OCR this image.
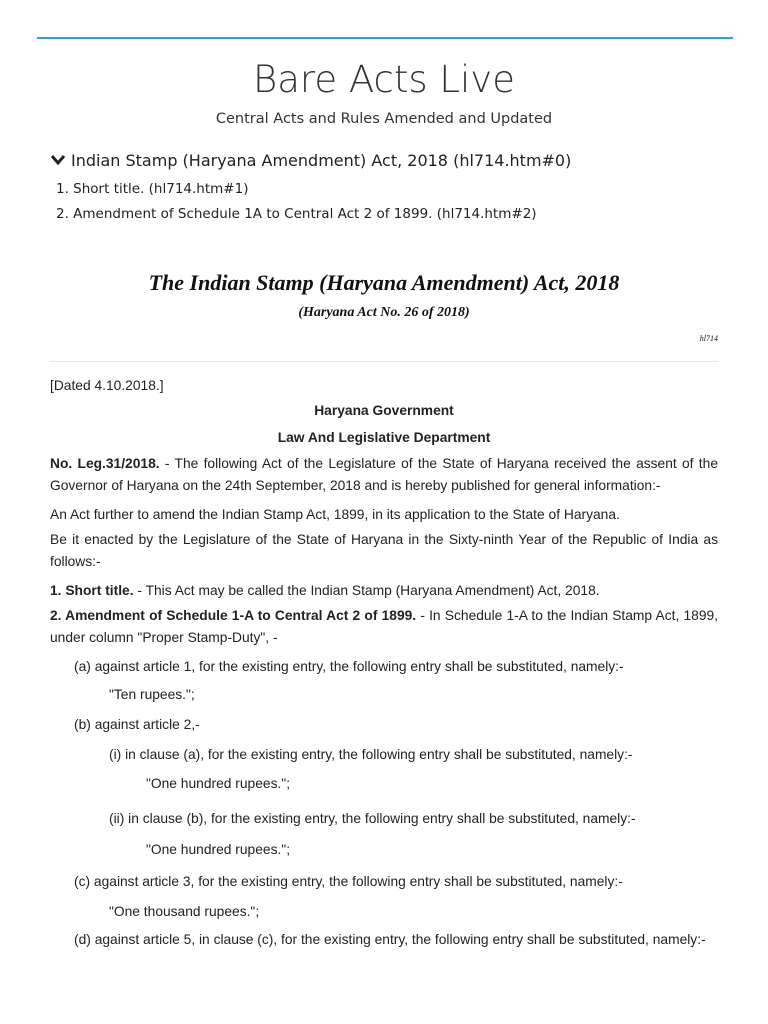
Bare Acts Live
Central Acts and Rules Amended and Updated
Indian Stamp (Haryana Amendment) Act, 2018 (hl714.htm#0)
1. Short title. (hl714.htm#1)
2. Amendment of Schedule 1A to Central Act 2 of 1899. (hl714.htm#2)
The Indian Stamp (Haryana Amendment) Act, 2018
(Haryana Act No. 26 of 2018)
hl714
[Dated 4.10.2018.]
Haryana Government
Law And Legislative Department
No. Leg.31/2018. - The following Act of the Legislature of the State of Haryana received the assent of the Governor of Haryana on the 24th September, 2018 and is hereby published for general information:-
An Act further to amend the Indian Stamp Act, 1899, in its application to the State of Haryana.
Be it enacted by the Legislature of the State of Haryana in the Sixty-ninth Year of the Republic of India as follows:-
1. Short title. - This Act may be called the Indian Stamp (Haryana Amendment) Act, 2018.
2. Amendment of Schedule 1-A to Central Act 2 of 1899. - In Schedule 1-A to the Indian Stamp Act, 1899, under column "Proper Stamp-Duty", -
(a) against article 1, for the existing entry, the following entry shall be substituted, namely:-
"Ten rupees.";
(b) against article 2,-
(i) in clause (a), for the existing entry, the following entry shall be substituted, namely:-
"One hundred rupees.";
(ii) in clause (b), for the existing entry, the following entry shall be substituted, namely:-
"One hundred rupees.";
(c) against article 3, for the existing entry, the following entry shall be substituted, namely:-
"One thousand rupees.";
(d) against article 5, in clause (c), for the existing entry, the following entry shall be substituted, namely:-
